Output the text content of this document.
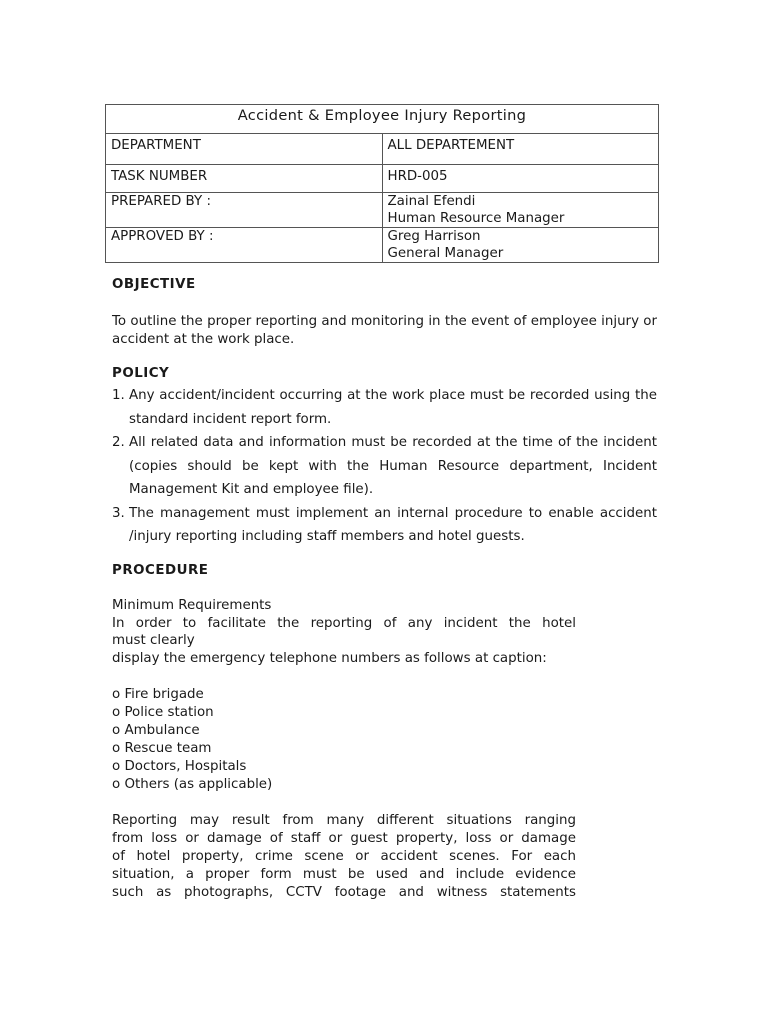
Accident & Employee Injury Reporting	
DEPARTMENT	ALL DEPARTEMENT

TASK NUMBER	HRD-005

PREPARED BY :	Zainal Efendi
Human Resource Manager

APPROVED BY :	Greg Harrison
General Manager
OBJECTIVE
To outline the proper reporting and monitoring in the event of employee injury or accident at the work place.
POLICY
1. Any accident/incident occurring at the work place must be recorded using the standard incident report form.
2. All related data and information must be recorded at the time of the incident (copies should be kept with the Human Resource department, Incident Management Kit and employee file).
3. The management must implement an internal procedure to enable accident /injury reporting including staff members and hotel guests.
PROCEDURE
Minimum Requirements
In order to facilitate the reporting of any incident the hotel
must clearly
display the emergency telephone numbers as follows at caption:
o Fire brigade
o Police station
o Ambulance
o Rescue team
o Doctors, Hospitals
o Others (as applicable)
Reporting may result from many different situations ranging
from loss or damage of staff or guest property, loss or damage
of hotel property, crime scene or accident scenes. For each
situation, a proper form must be used and include evidence
such as photographs, CCTV footage and witness statements
